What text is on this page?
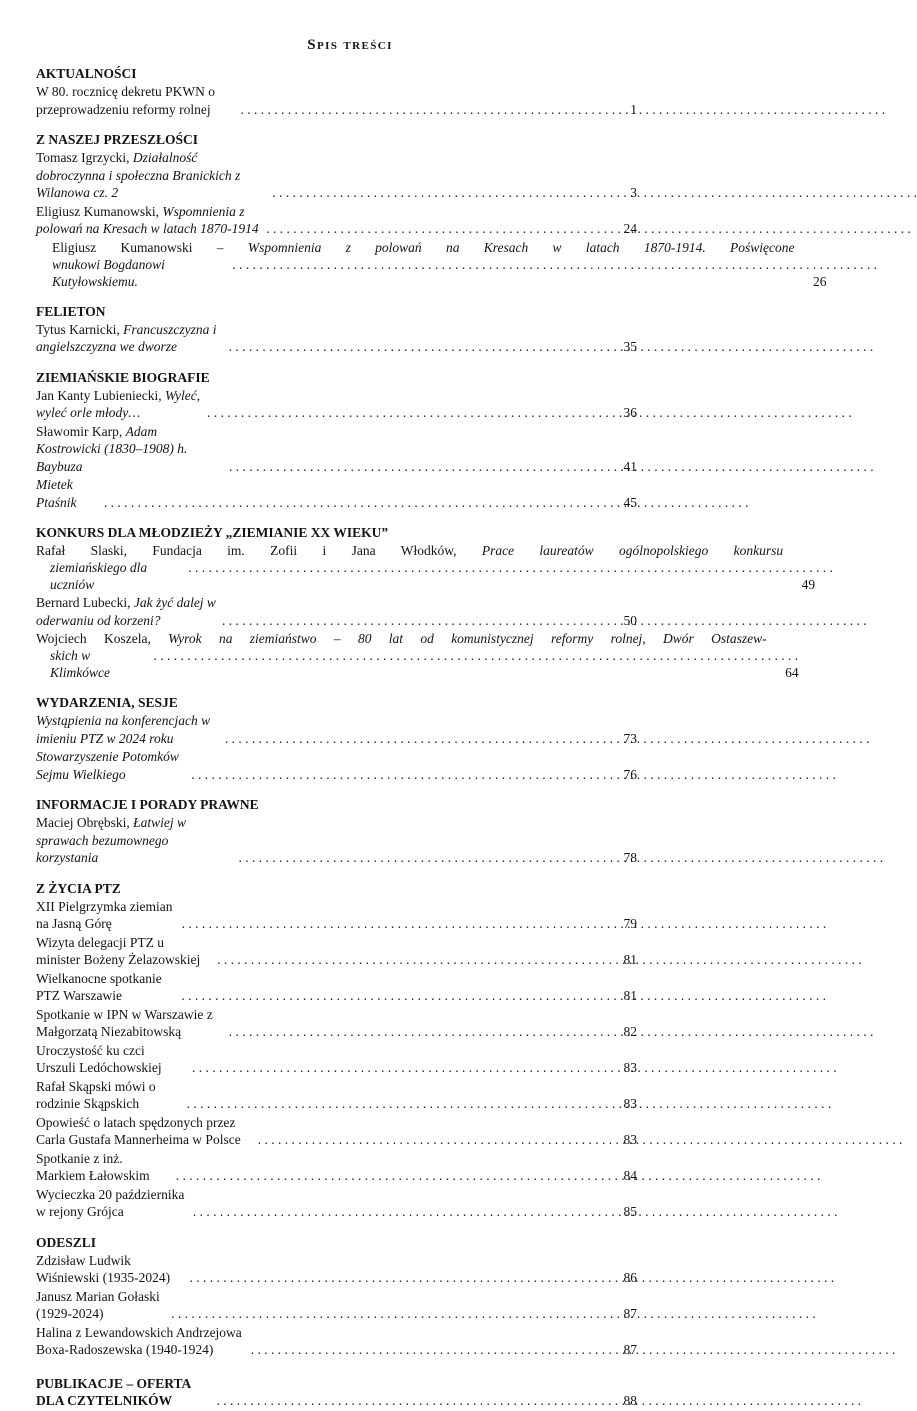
Spis treści
AKTUALNOŚCI
W 80. rocznicę dekretu PKWN o przeprowadzeniu reformy rolnej . . .	1
Z NASZEJ PRZESZŁOŚCI
Tomasz Igrzycki, Działalność dobroczynna i społeczna Branickich z Wilanowa cz. 2 . . .	3
Eligiusz Kumanowski, Wspomnienia z polowań na Kresach w latach 1870-1914 . . .	24
Eligiusz Kumanowski – Wspomnienia z polowań na Kresach w latach 1870-1914. Poświęcone
wnukowi Bogdanowi Kutyłowskiemu. . . .	26
FELIETON
Tytus Karnicki, Francuszczyzna i angielszczyzna we dworze . . .	35
ZIEMIAŃSKIE BIOGRAFIE
Jan Kanty Lubieniecki, Wyleć, wyleć orle młody… . . .	36
Sławomir Karp, Adam Kostrowicki (1830–1908) h. Baybuza . . .	41
Mietek Ptaśnik . . .	45
KONKURS DLA MŁODZIEŻY „ZIEMIANIE XX WIEKU”
Rafał Slaski, Fundacja im. Zofii i Jana Włodków, Prace laureatów ogólnopolskiego konkursu
ziemiańskiego dla uczniów . . .	49
Bernard Lubecki, Jak żyć dalej w oderwaniu od korzeni? . . .	50
Wojciech Koszela, Wyrok na ziemiaństwo – 80 lat od komunistycznej reformy rolnej, Dwór Ostaszew-
skich w Klimkówce . . .	64
WYDARZENIA, SESJE
Wystąpienia na konferencjach w imieniu PTZ w 2024 roku . . .	73
Stowarzyszenie Potomków Sejmu Wielkiego . . .	76
INFORMACJE I PORADY PRAWNE
Maciej Obrębski, Łatwiej w sprawach bezumownego korzystania . . .	78
Z ŻYCIA PTZ
XII Pielgrzymka ziemian na Jasną Górę . . .	79
Wizyta delegacji PTZ u minister Bożeny Żelazowskiej . . .	81
Wielkanocne spotkanie PTZ Warszawie . . .	81
Spotkanie w IPN w Warszawie z Małgorzatą Niezabitowską . . .	82
Uroczystość ku czci Urszuli Ledóchowskiej . . .	83
Rafał Skąpski mówi o rodzinie Skąpskich . . .	83
Opowieść o latach spędzonych przez Carla Gustafa Mannerheima w Polsce . . .	83
Spotkanie z inż. Markiem Łałowskim . . .	84
Wycieczka 20 października w rejony Grójca . . .	85
ODESZLI
Zdzisław Ludwik Wiśniewski (1935-2024) . . .	86
Janusz Marian Gołaski (1929-2024) . . .	87
Halina z Lewandowskich Andrzejowa Boxa-Radoszewska (1940-1924) . . .	87
PUBLIKACJE – OFERTA DLA CZYTELNIKÓW . . .	88
